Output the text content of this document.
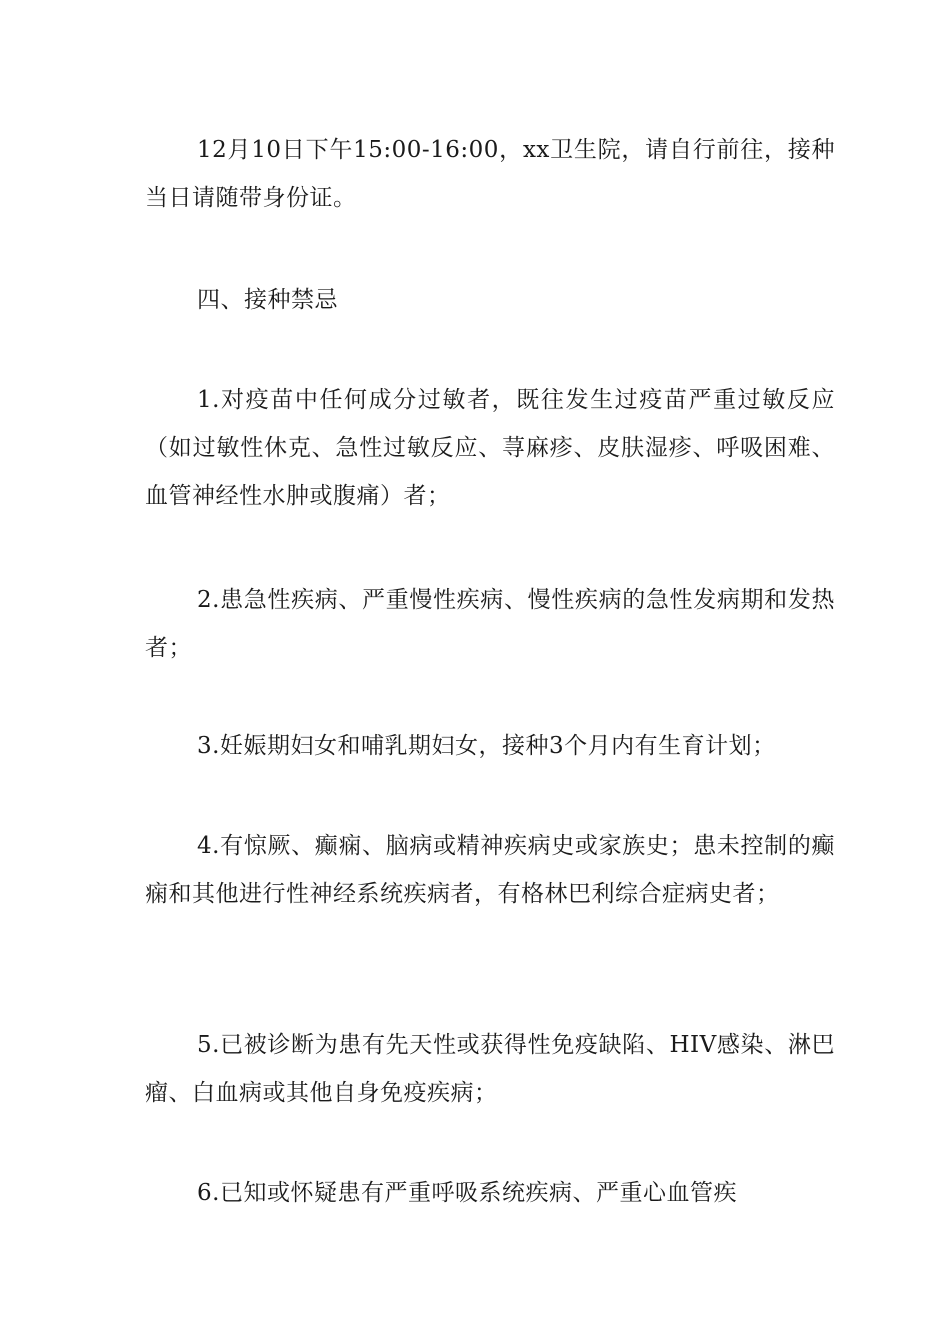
12月10日下午15:00-16:00，xx卫生院，请自行前往，接种当日请随带身份证。

四、接种禁忌

1.对疫苗中任何成分过敏者，既往发生过疫苗严重过敏反应（如过敏性休克、急性过敏反应、荨麻疹、皮肤湿疹、呼吸困难、血管神经性水肿或腹痛）者；

2.患急性疾病、严重慢性疾病、慢性疾病的急性发病期和发热者；

3.妊娠期妇女和哺乳期妇女，接种3个月内有生育计划；

4.有惊厥、癫痫、脑病或精神疾病史或家族史；患未控制的癫痫和其他进行性神经系统疾病者，有格林巴利综合症病史者；

5.已被诊断为患有先天性或获得性免疫缺陷、HIV感染、淋巴瘤、白血病或其他自身免疫疾病；

6.已知或怀疑患有严重呼吸系统疾病、严重心血管疾
